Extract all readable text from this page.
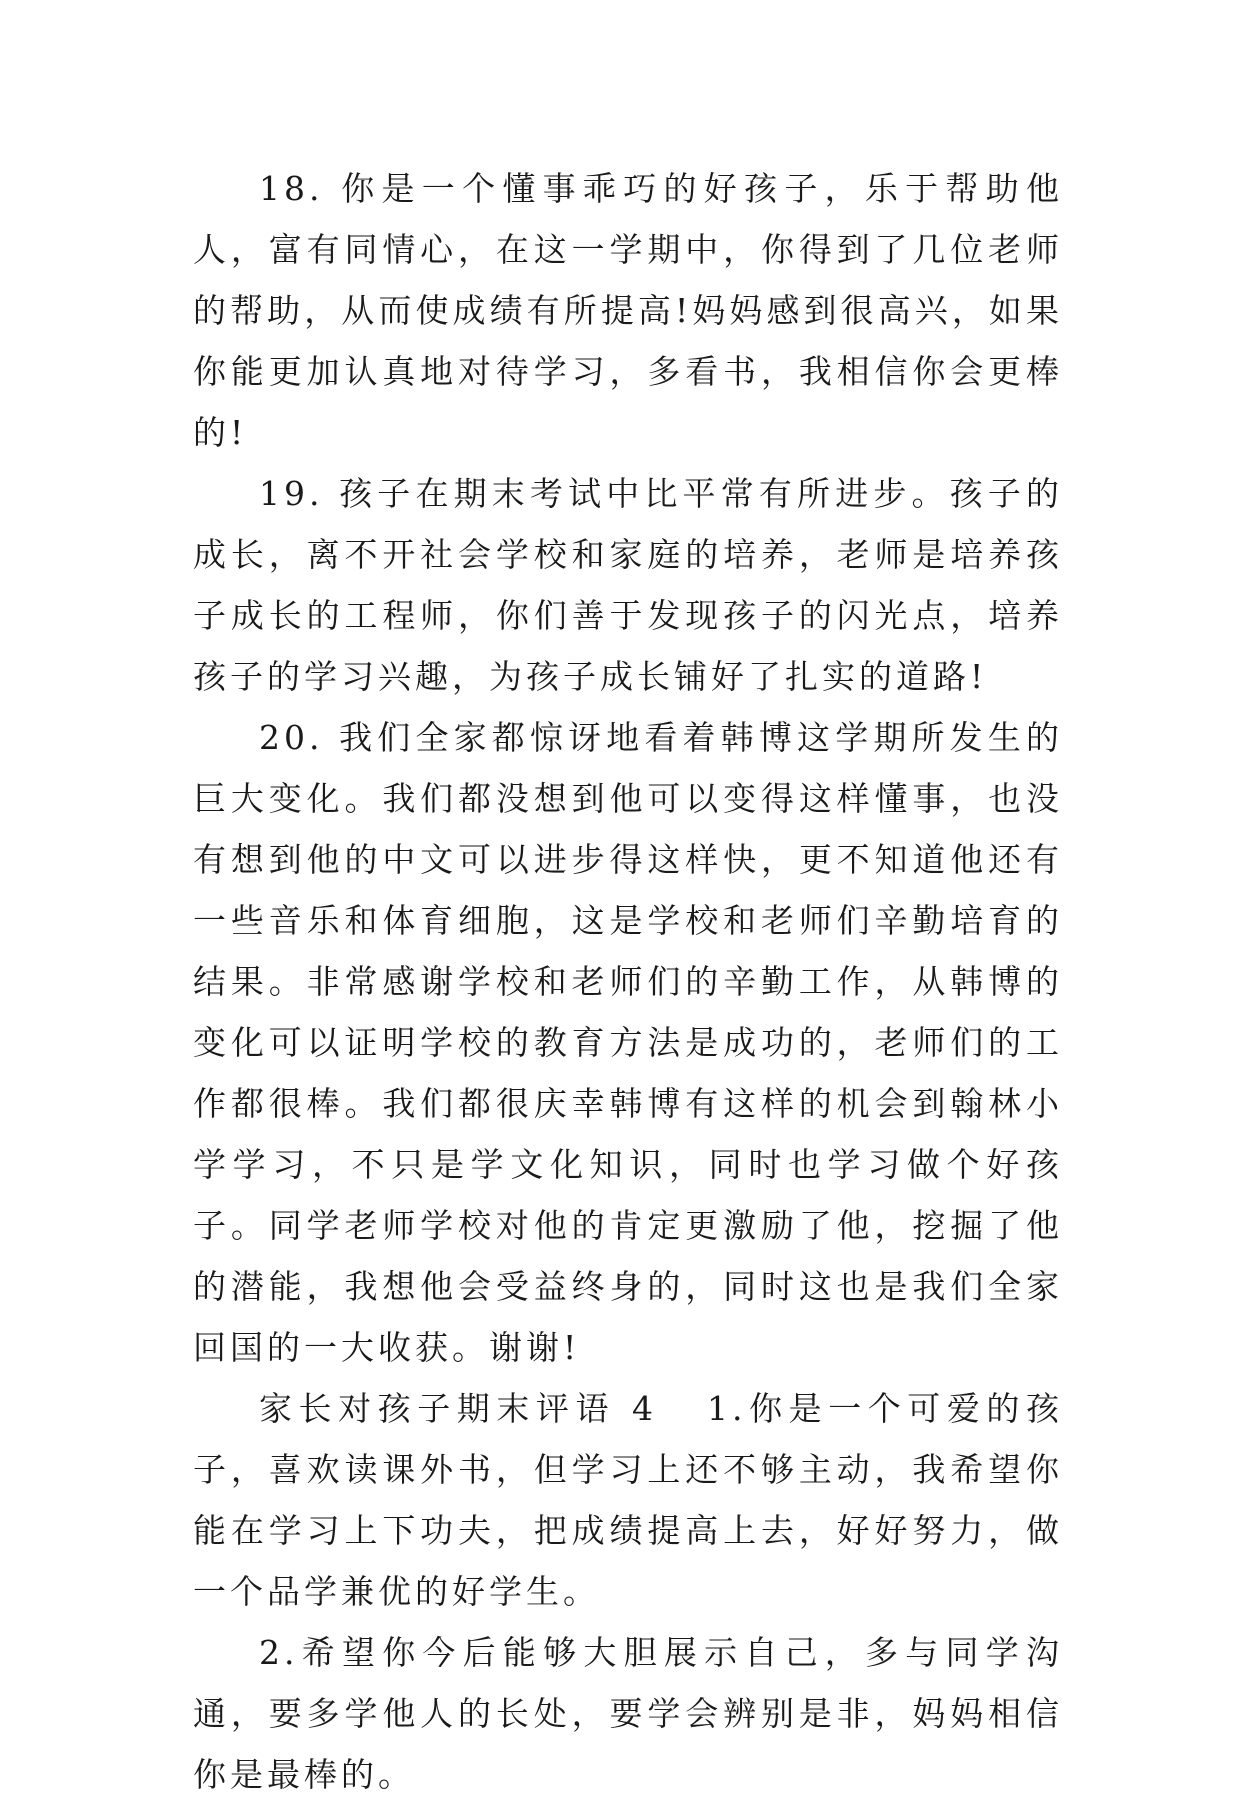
18. 你是一个懂事乖巧的好孩子，乐于帮助他人，富有同情心，在这一学期中，你得到了几位老师的帮助，从而使成绩有所提高!妈妈感到很高兴，如果你能更加认真地对待学习，多看书，我相信你会更棒的!

19. 孩子在期末考试中比平常有所进步。孩子的成长，离不开社会学校和家庭的培养，老师是培养孩子成长的工程师，你们善于发现孩子的闪光点，培养孩子的学习兴趣，为孩子成长铺好了扎实的道路!

20. 我们全家都惊讶地看着韩博这学期所发生的巨大变化。我们都没想到他可以变得这样懂事，也没有想到他的中文可以进步得这样快，更不知道他还有一些音乐和体育细胞，这是学校和老师们辛勤培育的结果。非常感谢学校和老师们的辛勤工作，从韩博的变化可以证明学校的教育方法是成功的，老师们的工作都很棒。我们都很庆幸韩博有这样的机会到翰林小学学习，不只是学文化知识，同时也学习做个好孩子。同学老师学校对他的肯定更激励了他，挖掘了他的潜能，我想他会受益终身的，同时这也是我们全家回国的一大收获。谢谢!

家长对孩子期末评语 4 1.你是一个可爱的孩子，喜欢读课外书，但学习上还不够主动，我希望你能在学习上下功夫，把成绩提高上去，好好努力，做一个品学兼优的好学生。

2.希望你今后能够大胆展示自己，多与同学沟通，要多学他人的长处，要学会辨别是非，妈妈相信你是最棒的。
